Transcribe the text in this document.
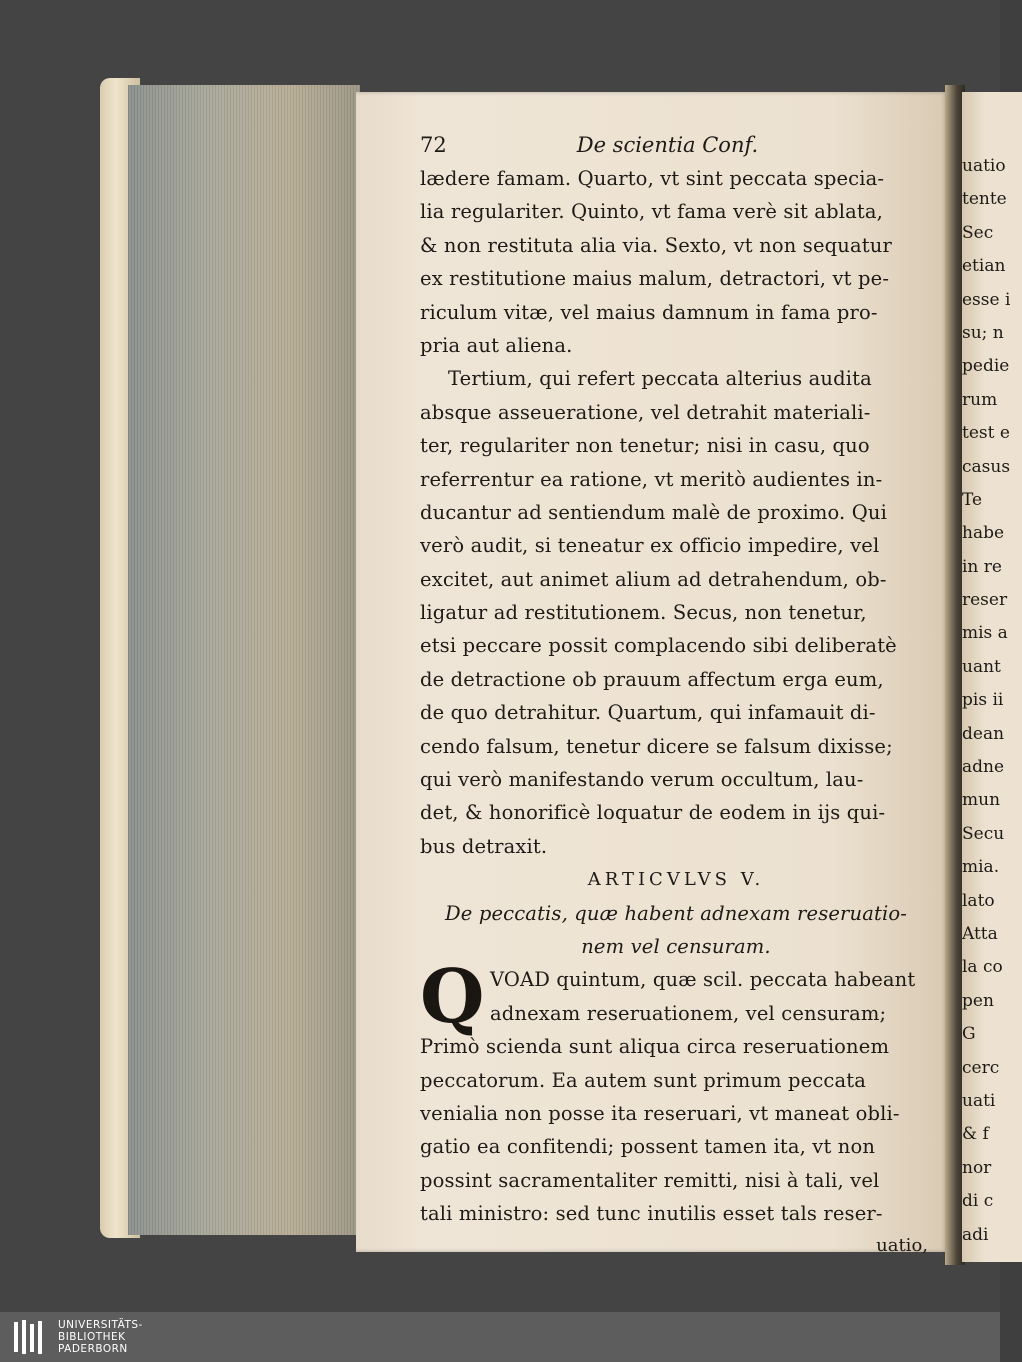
72	De scientia Conf.
lædere famam. Quarto, vt sint peccata specia-
lia regulariter. Quinto, vt fama verè sit ablata,
& non restituta alia via. Sexto, vt non sequatur
ex restitutione maius malum, detractori, vt pe-
riculum vitæ, vel maius damnum in fama pro-
pria aut aliena.
Tertium, qui refert peccata alterius audita
absque asseueratione, vel detrahit materiali-
ter, regulariter non tenetur; nisi in casu, quo
referrentur ea ratione, vt meritò audientes in-
ducantur ad sentiendum malè de proximo. Qui
verò audit, si teneatur ex officio impedire, vel
excitet, aut animet alium ad detrahendum, ob-
ligatur ad restitutionem. Secus, non tenetur,
etsi peccare possit complacendo sibi deliberatè
de detractione ob prauum affectum erga eum,
de quo detrahitur. Quartum, qui infamauit di-
cendo falsum, tenetur dicere se falsum dixisse;
qui verò manifestando verum occultum, lau-
det, & honorificè loquatur de eodem in ijs qui-
bus detraxit.
ARTICVLVS V.
De peccatis, quæ habent adnexam reseruatio-
nem vel censuram.
Q VOAD quintum, quæ scil. peccata habeant
adnexam reseruationem, vel censuram;
Primò scienda sunt aliqua circa reseruationem
peccatorum. Ea autem sunt primum peccata
venialia non posse ita reseruari, vt maneat obli-
gatio ea confitendi; possent tamen ita, vt non
possint sacramentaliter remitti, nisi à tali, vel
tali ministro: sed tunc inutilis esset tals reser-
uatio,
uatio
tente
Sec
etian
esse i
su; n
pedie
rum
test e
casus
Te
habe
in re
reser
mis a
uant
pis ii
dean
adne
mun
Secu
mia.
lato
Atta
la co
pen
G
cerc
uati
& f
nor
di c
adi
UNIVERSITÄTS-
BIBLIOTHEK
PADERBORN
